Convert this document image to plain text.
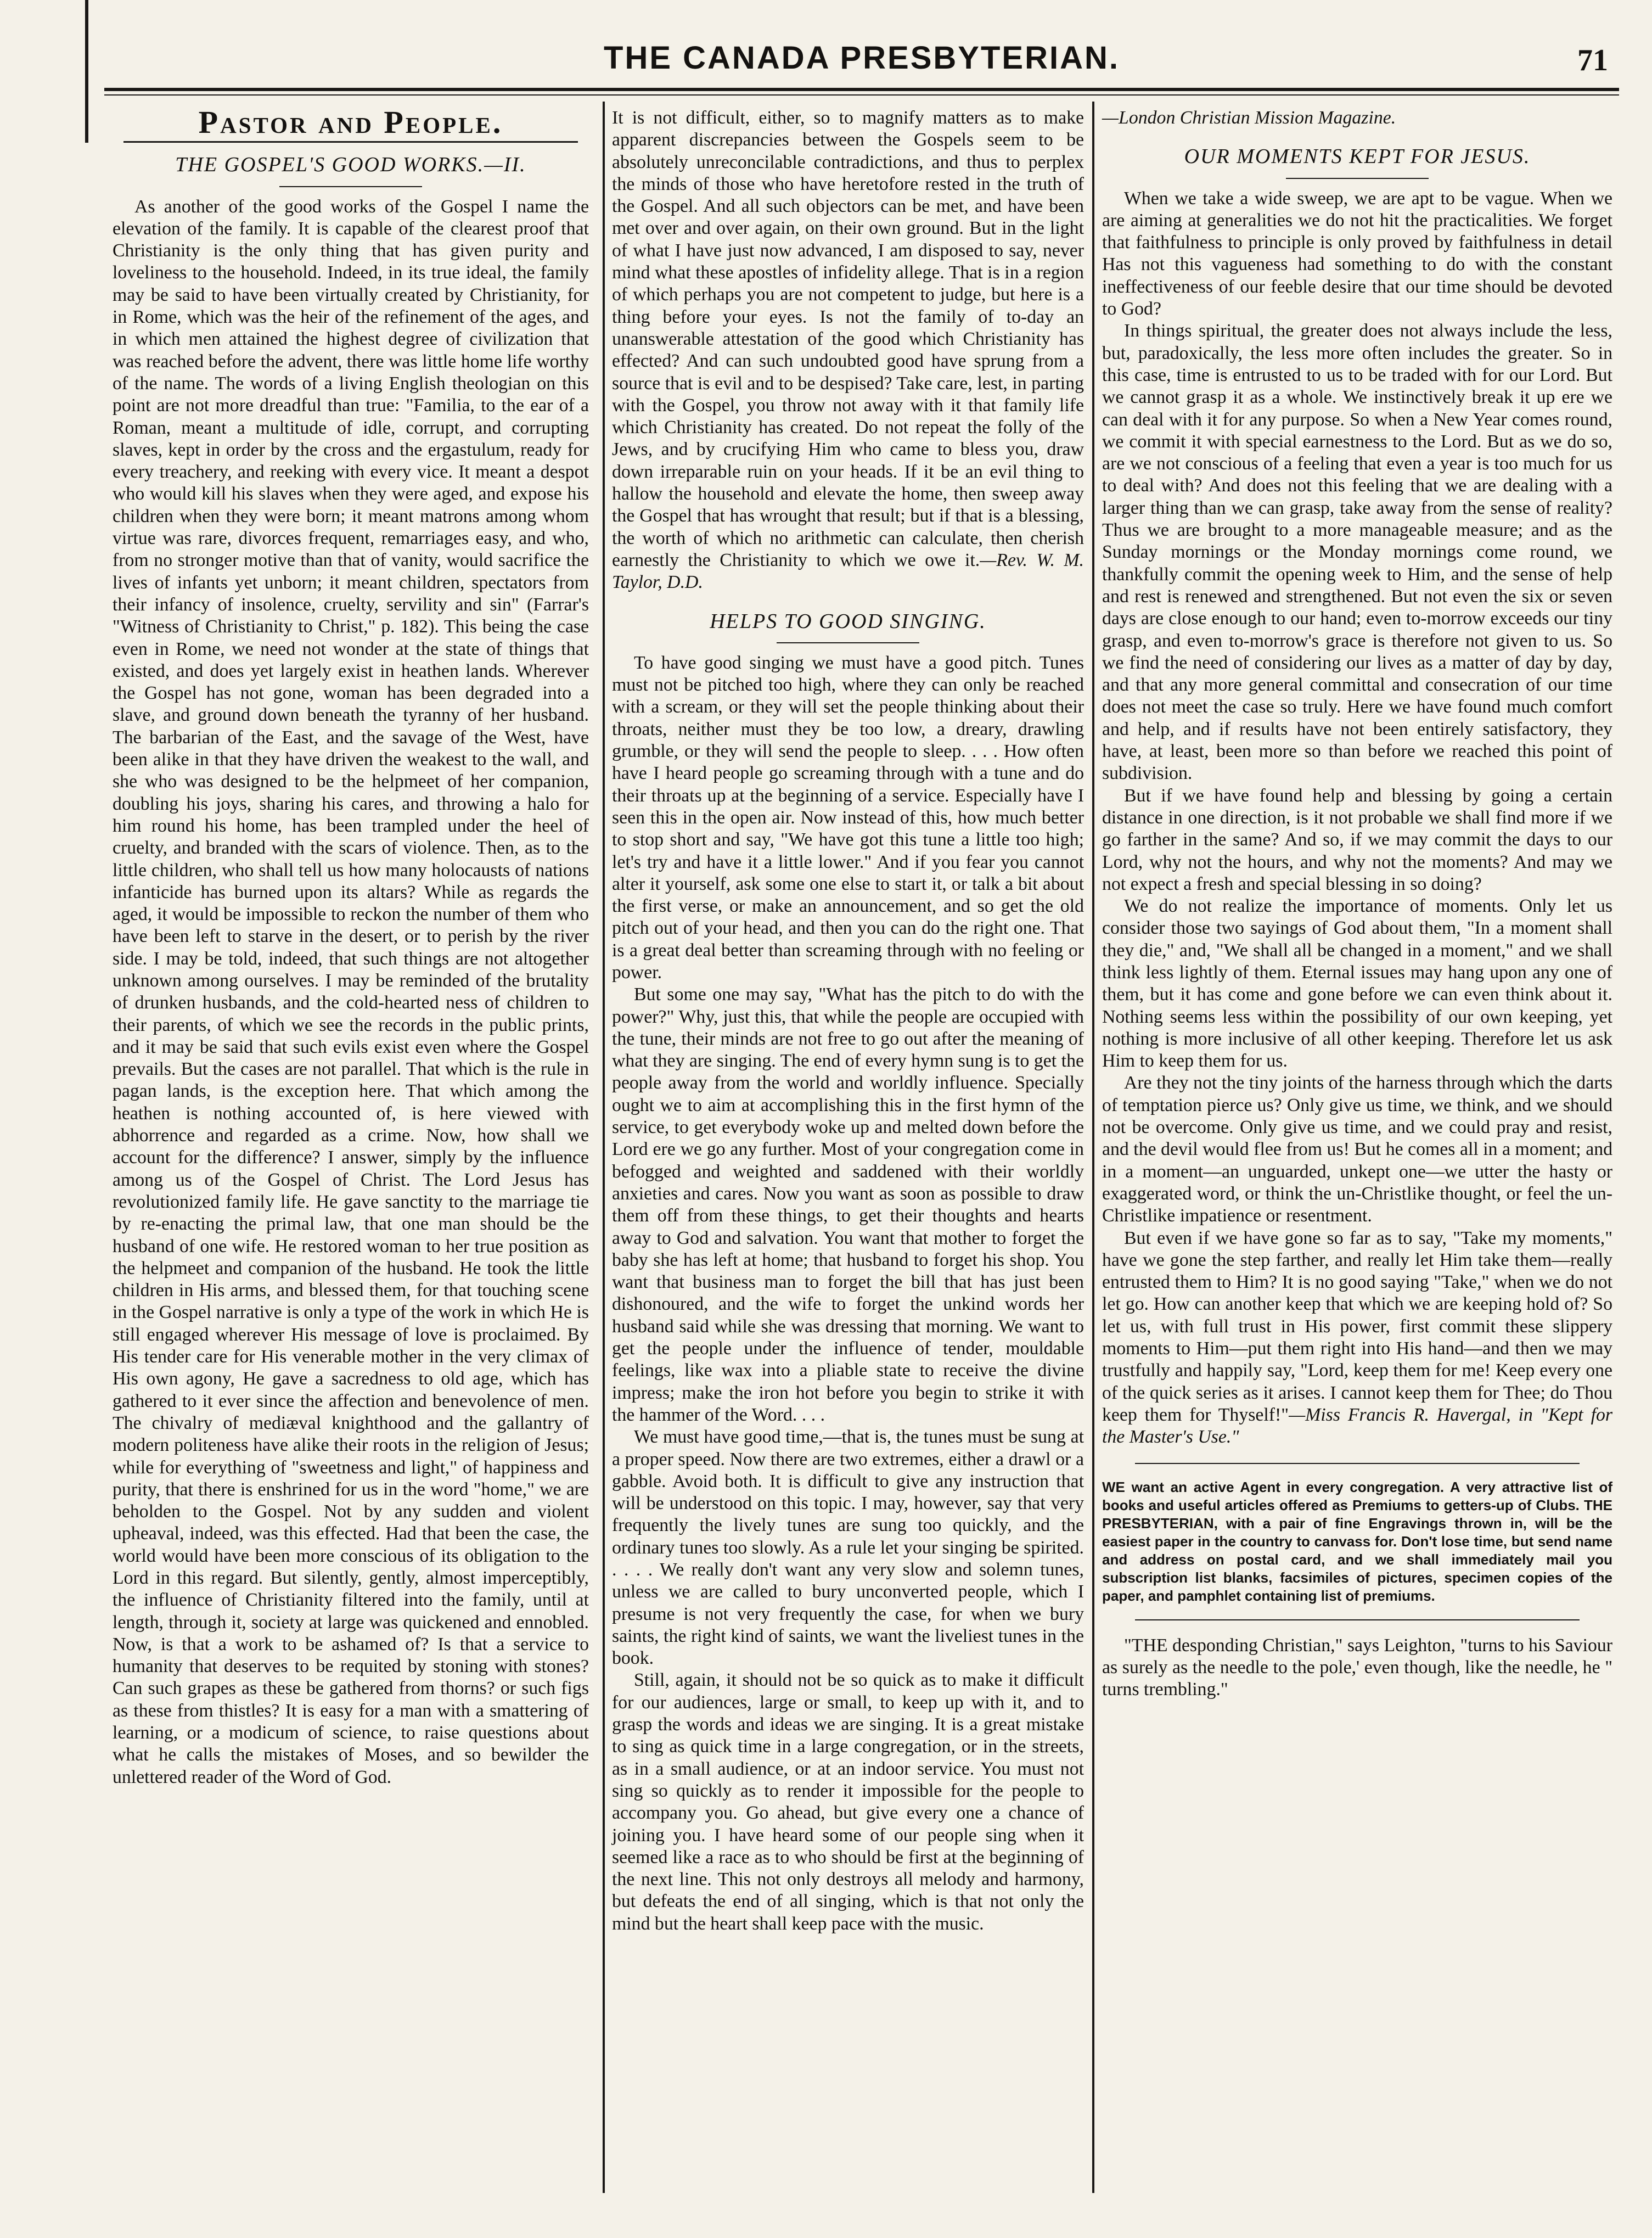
THE CANADA PRESBYTERIAN.	71
Pastor and People.
THE GOSPEL'S GOOD WORKS.—II.

As another of the good works of the Gospel I name the elevation of the family. It is capable of the clearest proof that Christianity is the only thing that has given purity and loveliness to the household. Indeed, in its true ideal, the family may be said to have been virtually created by Christianity, for in Rome, which was the heir of the refinement of the ages, and in which men attained the highest degree of civilization that was reached before the advent, there was little home life worthy of the name. The words of a living English theologian on this point are not more dreadful than true: "Familia, to the ear of a Roman, meant a multitude of idle, corrupt, and corrupting slaves, kept in order by the cross and the ergastulum, ready for every treachery, and reeking with every vice. It meant a despot who would kill his slaves when they were aged, and expose his children when they were born; it meant matrons among whom virtue was rare, divorces frequent, remarriages easy, and who, from no stronger motive than that of vanity, would sacrifice the lives of infants yet unborn; it meant children, spectators from their infancy of insolence, cruelty, servility and sin" (Farrar's "Witness of Christianity to Christ," p. 182). This being the case even in Rome, we need not wonder at the state of things that existed, and does yet largely exist in heathen lands. Wherever the Gospel has not gone, woman has been degraded into a slave, and ground down beneath the tyranny of her husband. The barbarian of the East, and the savage of the West, have been alike in that they have driven the weakest to the wall, and she who was designed to be the helpmeet of her companion, doubling his joys, sharing his cares, and throwing a halo for him round his home, has been trampled under the heel of cruelty, and branded with the scars of violence. Then, as to the little children, who shall tell us how many holocausts of nations infanticide has burned upon its altars? While as regards the aged, it would be impossible to reckon the number of them who have been left to starve in the desert, or to perish by the river side. I may be told, indeed, that such things are not altogether unknown among ourselves. I may be reminded of the brutality of drunken husbands, and the cold-hearted ness of children to their parents, of which we see the records in the public prints, and it may be said that such evils exist even where the Gospel prevails. But the cases are not parallel. That which is the rule in pagan lands, is the exception here. That which among the heathen is nothing accounted of, is here viewed with abhorrence and regarded as a crime. Now, how shall we account for the difference? I answer, simply by the influence among us of the Gospel of Christ. The Lord Jesus has revolutionized family life. He gave sanctity to the marriage tie by re-enacting the primal law, that one man should be the husband of one wife. He restored woman to her true position as the helpmeet and companion of the husband. He took the little children in His arms, and blessed them, for that touching scene in the Gospel narrative is only a type of the work in which He is still engaged wherever His message of love is proclaimed. By His tender care for His venerable mother in the very climax of His own agony, He gave a sacredness to old age, which has gathered to it ever since the affection and benevolence of men. The chivalry of mediæval knighthood and the gallantry of modern politeness have alike their roots in the religion of Jesus; while for everything of "sweetness and light," of happiness and purity, that there is enshrined for us in the word "home," we are beholden to the Gospel. Not by any sudden and violent upheaval, indeed, was this effected. Had that been the case, the world would have been more conscious of its obligation to the Lord in this regard. But silently, gently, almost imperceptibly, the influence of Christianity filtered into the family, until at length, through it, society at large was quickened and ennobled. Now, is that a work to be ashamed of? Is that a service to humanity that deserves to be requited by stoning with stones? Can such grapes as these be gathered from thorns? or such figs as these from thistles? It is easy for a man with a smattering of learning, or a modicum of science, to raise questions about what he calls the mistakes of Moses, and so bewilder the unlettered reader of the Word of God.

It is not difficult, either, so to magnify matters as to make apparent discrepancies between the Gospels seem to be absolutely unreconcilable contradictions, and thus to perplex the minds of those who have heretofore rested in the truth of the Gospel. And all such objectors can be met, and have been met over and over again, on their own ground. But in the light of what I have just now advanced, I am disposed to say, never mind what these apostles of infidelity allege. That is in a region of which perhaps you are not competent to judge, but here is a thing before your eyes. Is not the family of to-day an unanswerable attestation of the good which Christianity has effected? And can such undoubted good have sprung from a source that is evil and to be despised? Take care, lest, in parting with the Gospel, you throw not away with it that family life which Christianity has created. Do not repeat the folly of the Jews, and by crucifying Him who came to bless you, draw down irreparable ruin on your heads. If it be an evil thing to hallow the household and elevate the home, then sweep away the Gospel that has wrought that result; but if that is a blessing, the worth of which no arithmetic can calculate, then cherish earnestly the Christianity to which we owe it.—Rev. W. M. Taylor, D.D.

HELPS TO GOOD SINGING.

To have good singing we must have a good pitch. Tunes must not be pitched too high, where they can only be reached with a scream, or they will set the people thinking about their throats, neither must they be too low, a dreary, drawling grumble, or they will send the people to sleep. . . . How often have I heard people go screaming through with a tune and do their throats up at the beginning of a service. Especially have I seen this in the open air. Now instead of this, how much better to stop short and say, "We have got this tune a little too high; let's try and have it a little lower." And if you fear you cannot alter it yourself, ask some one else to start it, or talk a bit about the first verse, or make an announcement, and so get the old pitch out of your head, and then you can do the right one. That is a great deal better than screaming through with no feeling or power.

But some one may say, "What has the pitch to do with the power?" Why, just this, that while the people are occupied with the tune, their minds are not free to go out after the meaning of what they are singing. The end of every hymn sung is to get the people away from the world and worldly influence. Specially ought we to aim at accomplishing this in the first hymn of the service, to get everybody woke up and melted down before the Lord ere we go any further. Most of your congregation come in befogged and weighted and saddened with their worldly anxieties and cares. Now you want as soon as possible to draw them off from these things, to get their thoughts and hearts away to God and salvation. You want that mother to forget the baby she has left at home; that husband to forget his shop. You want that business man to forget the bill that has just been dishonoured, and the wife to forget the unkind words her husband said while she was dressing that morning. We want to get the people under the influence of tender, mouldable feelings, like wax into a pliable state to receive the divine impress; make the iron hot before you begin to strike it with the hammer of the Word. . . .

We must have good time,—that is, the tunes must be sung at a proper speed. Now there are two extremes, either a drawl or a gabble. Avoid both. It is difficult to give any instruction that will be understood on this topic. I may, however, say that very frequently the lively tunes are sung too quickly, and the ordinary tunes too slowly. As a rule let your singing be spirited. . . . . We really don't want any very slow and solemn tunes, unless we are called to bury unconverted people, which I presume is not very frequently the case, for when we bury saints, the right kind of saints, we want the liveliest tunes in the book.

Still, again, it should not be so quick as to make it difficult for our audiences, large or small, to keep up with it, and to grasp the words and ideas we are singing. It is a great mistake to sing as quick time in a large congregation, or in the streets, as in a small audience, or at an indoor service. You must not sing so quickly as to render it impossible for the people to accompany you. Go ahead, but give every one a chance of joining you. I have heard some of our people sing when it seemed like a race as to who should be first at the beginning of the next line. This not only destroys all melody and harmony, but defeats the end of all singing, which is that not only the mind but the heart shall keep pace with the music.

—London Christian Mission Magazine.

OUR MOMENTS KEPT FOR JESUS.

When we take a wide sweep, we are apt to be vague. When we are aiming at generalities we do not hit the practicalities. We forget that faithfulness to principle is only proved by faithfulness in detail Has not this vagueness had something to do with the constant ineffectiveness of our feeble desire that our time should be devoted to God?

In things spiritual, the greater does not always include the less, but, paradoxically, the less more often includes the greater. So in this case, time is entrusted to us to be traded with for our Lord. But we cannot grasp it as a whole. We instinctively break it up ere we can deal with it for any purpose. So when a New Year comes round, we commit it with special earnestness to the Lord. But as we do so, are we not conscious of a feeling that even a year is too much for us to deal with? And does not this feeling that we are dealing with a larger thing than we can grasp, take away from the sense of reality? Thus we are brought to a more manageable measure; and as the Sunday mornings or the Monday mornings come round, we thankfully commit the opening week to Him, and the sense of help and rest is renewed and strengthened. But not even the six or seven days are close enough to our hand; even to-morrow exceeds our tiny grasp, and even to-morrow's grace is therefore not given to us. So we find the need of considering our lives as a matter of day by day, and that any more general committal and consecration of our time does not meet the case so truly. Here we have found much comfort and help, and if results have not been entirely satisfactory, they have, at least, been more so than before we reached this point of subdivision.

But if we have found help and blessing by going a certain distance in one direction, is it not probable we shall find more if we go farther in the same? And so, if we may commit the days to our Lord, why not the hours, and why not the moments? And may we not expect a fresh and special blessing in so doing?

We do not realize the importance of moments. Only let us consider those two sayings of God about them, "In a moment shall they die," and, "We shall all be changed in a moment," and we shall think less lightly of them. Eternal issues may hang upon any one of them, but it has come and gone before we can even think about it. Nothing seems less within the possibility of our own keeping, yet nothing is more inclusive of all other keeping. Therefore let us ask Him to keep them for us.

Are they not the tiny joints of the harness through which the darts of temptation pierce us? Only give us time, we think, and we should not be overcome. Only give us time, and we could pray and resist, and the devil would flee from us! But he comes all in a moment; and in a moment—an unguarded, unkept one—we utter the hasty or exaggerated word, or think the un-Christlike thought, or feel the un-Christlike impatience or resentment.

But even if we have gone so far as to say, "Take my moments," have we gone the step farther, and really let Him take them—really entrusted them to Him? It is no good saying "Take," when we do not let go. How can another keep that which we are keeping hold of? So let us, with full trust in His power, first commit these slippery moments to Him—put them right into His hand—and then we may trustfully and happily say, "Lord, keep them for me! Keep every one of the quick series as it arises. I cannot keep them for Thee; do Thou keep them for Thyself!"—Miss Francis R. Havergal, in "Kept for the Master's Use."

WE want an active Agent in every congregation. A very attractive list of books and useful articles offered as Premiums to getters-up of Clubs. THE PRESBYTERIAN, with a pair of fine Engravings thrown in, will be the easiest paper in the country to canvass for. Don't lose time, but send name and address on postal card, and we shall immediately mail you subscription list blanks, facsimiles of pictures, specimen copies of the paper, and pamphlet containing list of premiums.

"THE desponding Christian," says Leighton, "turns to his Saviour as surely as the needle to the pole,' even though, like the needle, he " turns trembling."
